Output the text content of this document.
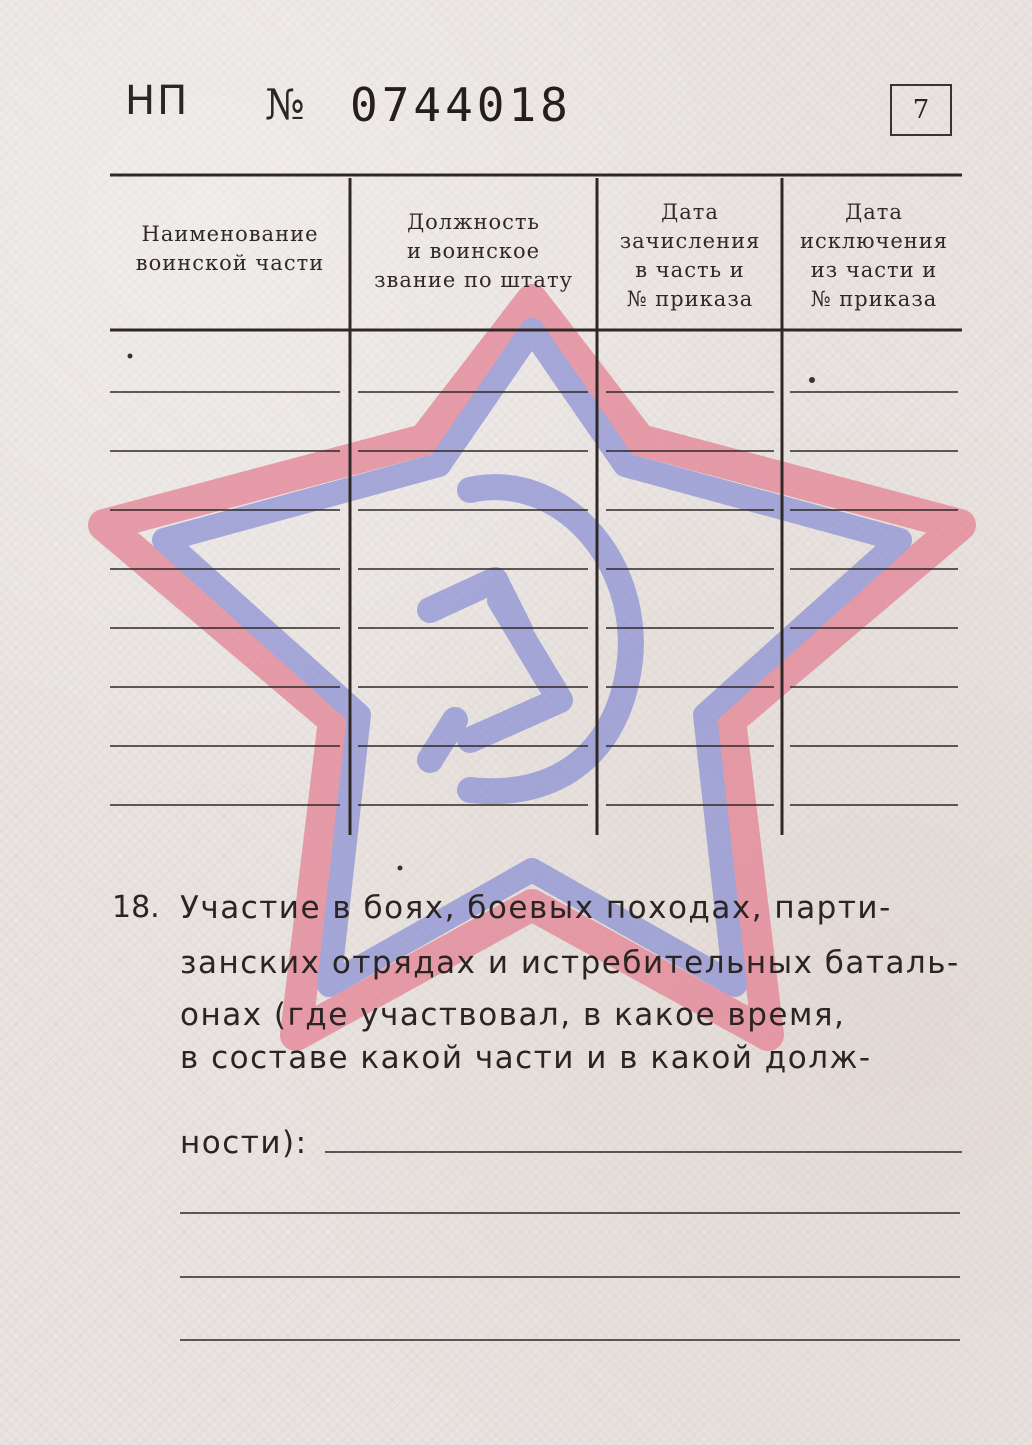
НП № 0744018	7
Наименование
воинской части
Должность
и воинское
звание по штату
Дата
зачисления
в часть и
№ приказа
Дата
исключения
из части и
№ приказа
18. Участие в боях, боевых походах, парти-
занских отрядах и истребительных баталь-
онах (где участвовал, в какое время,
в составе какой части и в какой долж-
ности):
